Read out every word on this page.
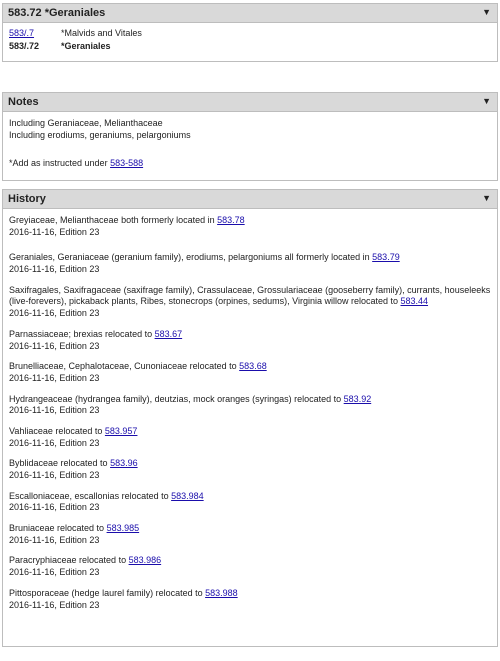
583.72 *Geraniales	▼
583/.7	*Malvids and Vitales
583/.72	*Geraniales
Notes	▼
Including Geraniaceae, Melianthaceae
Including erodiums, geraniums, pelargoniums
*Add as instructed under 583-588
History	▼
Greyiaceae, Melianthaceae both formerly located in 583.78
2016-11-16, Edition 23
Geraniales, Geraniaceae (geranium family), erodiums, pelargoniums all formerly located in 583.79
2016-11-16, Edition 23
Saxifragales, Saxifragaceae (saxifrage family), Crassulaceae, Grossulariaceae (gooseberry family), currants, houseleeks (live-forevers), pickaback plants, Ribes, stonecrops (orpines, sedums), Virginia willow relocated to 583.44
2016-11-16, Edition 23
Parnassiaceae; brexias relocated to 583.67
2016-11-16, Edition 23
Brunelliaceae, Cephalotaceae, Cunoniaceae relocated to 583.68
2016-11-16, Edition 23
Hydrangeaceae (hydrangea family), deutzias, mock oranges (syringas) relocated to 583.92
2016-11-16, Edition 23
Vahliaceae relocated to 583.957
2016-11-16, Edition 23
Byblidaceae relocated to 583.96
2016-11-16, Edition 23
Escalloniaceae, escallonias relocated to 583.984
2016-11-16, Edition 23
Bruniaceae relocated to 583.985
2016-11-16, Edition 23
Paracryphiaceae relocated to 583.986
2016-11-16, Edition 23
Pittosporaceae (hedge laurel family) relocated to 583.988
2016-11-16, Edition 23
